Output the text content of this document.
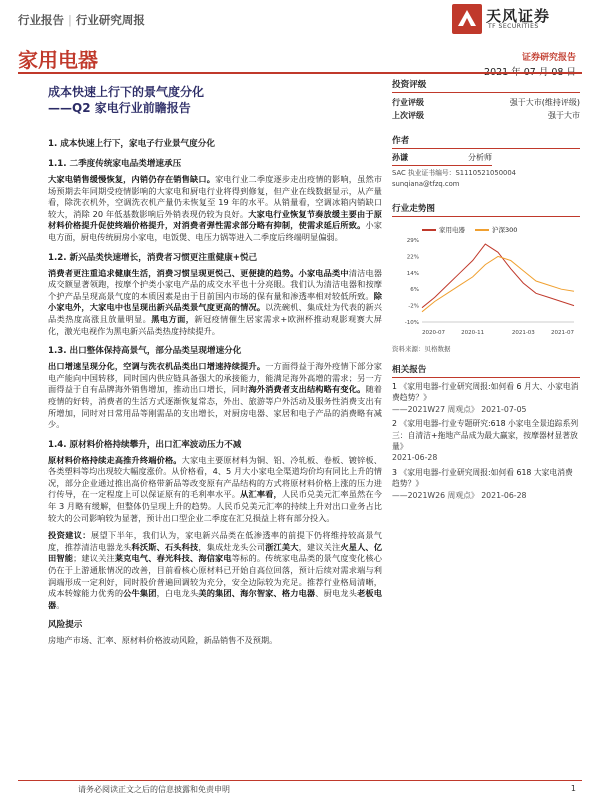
行业报告 | 行业研究周报	天风证券
TF SECURITIES
家用电器	证券研究报告
成本快速上行下的景气度分化
——Q2 家电行业前瞻报告
1. 成本快速上行下，家电子行业景气度分化
1.1. 二季度传统家电品类增速承压

大家电销售缓慢恢复，内销仍存在销售缺口。家电行业二季度逐步走出疫情的影响，虽然市场预期去年同期受疫情影响的大家电和厨电行业将得到修复，但产业在线数据显示，从产量看，除洗衣机外，空调洗衣机产量仍未恢复至 19 年的水平。从销量看，空调冰箱内销缺口较大，消除 20 年低基数影响后外销表现仍较为良好。大家电行业恢复节奏放缓主要由于原材料价格提升促使终端价格提升，对消费者弹性需求部分略有抑制，使需求延后所致。小家电方面，厨电传统厨房小家电，电饭煲、电压力锅等进入二季度后终端明显偏弱。

1.2. 新兴品类快速增长，消费者习惯更注重健康+悦己

消费者更注重追求健康生活，消费习惯呈现更悦己、更便捷的趋势。小家电品类中清洁电器成交额显著领跑，按摩个护类小家电产品的成交水平也十分亮眼。我们认为清洁电器和按摩个护产品呈现高景气度的本质因素是由于目前国内市场的保有量和渗透率相对较低所致。除小家电外，大家电中也呈现出新兴品类景气度更高的情况。以洗碗机、集成灶为代表的新兴品类热度高涨且放量明显。黑电方面，新冠疫情催生居家需求+欧洲杯推动观影观赛大屏化，激光电视作为黑电新兴品类热度持续提升。

1.3. 出口整体保持高景气，部分品类呈现增速分化

出口增速呈现分化，空调与洗衣机品类出口增速持续提升。一方面得益于海外疫情下部分家电产能向中国转移，同时国内供应链具备强大的承接能力，能满足海外高增的需求；另一方面得益于自有品牌海外销售增加，推动出口增长，同时海外消费者支出结构略有变化。随着疫情的好转，消费者的生活方式逐渐恢复常态，外出、旅游等户外活动及服务性消费支出有所增加，同时对日常用品等刚需品的支出增长，对厨房电器、家居和电子产品的消费略有减少。

1.4. 原材料价格持续攀升，出口汇率波动压力不减

原材料价格持续走高推升终端价格。大家电主要原材料为铜、铝、冷轧板、卷板、镀锌板、各类塑料等均出现较大幅度涨价。从价格看，4、5 月大小家电全渠道均价均有同比上升的情况，部分企业通过推出高价格带新品等改变原有产品结构的方式将原材料价格上涨的压力进行传导，在一定程度上可以保证原有的毛利率水平。从汇率看，人民币兑美元汇率虽然在今年 3 月略有缓解，但整体仍呈现上升的趋势。人民币兑美元汇率的持续上升对出口业务占比较大的公司影响较为显著，预计出口型企业二季度在汇兑损益上将有部分投入。

投资建议：展望下半年，我们认为，家电新兴品类在低渗透率的前提下仍将维持较高景气度，推荐清洁电器龙头科沃斯、石头科技，集成灶龙头公司浙江美大，建议关注火星人、亿田智能；建议关注莱克电气、春光科技、海信家电等标的。传统家电品类的景气度变化核心仍在于上游通胀情况的改善，目前看核心原材料已开始自高位回落，预计后续对需求端与利润端形成一定利好，同时股价普遍回调较为充分，安全边际较为充足。推荐行业格局清晰，成本转嫁能力优秀的公牛集团，白电龙头美的集团、海尔智家、格力电器、厨电龙头老板电器。

风险提示

房地产市场、汇率、原材料价格波动风险，新品销售不及预期。

投资评级
行业评级	强于大市(维持评级)
上次评级	强于大市
作者
孙谦	分析师
SAC 执业证书编号：S1110521050004
sunqiana@tfzq.com
行业走势图
家用电器	沪深300
-10%
-2%
6%
14%
22%
29%
2020-07	2020-11	2021-03	2021-07
资料来源：贝格数据
相关报告
1 《家用电器-行业研究周报:如何看 6 月大、小家电消费趋势？》
——2021W27 周观点》 2021-07-05
2 《家用电器-行业专题研究:618 小家电全景追踪系列三：自清洁+拖地产品成为最大赢家，按摩器材显著放量》
2021-06-28
3 《家用电器-行业研究周报:如何看 618 大家电消费趋势？》
——2021W26 周观点》 2021-06-28
请务必阅读正文之后的信息披露和免责申明	1
